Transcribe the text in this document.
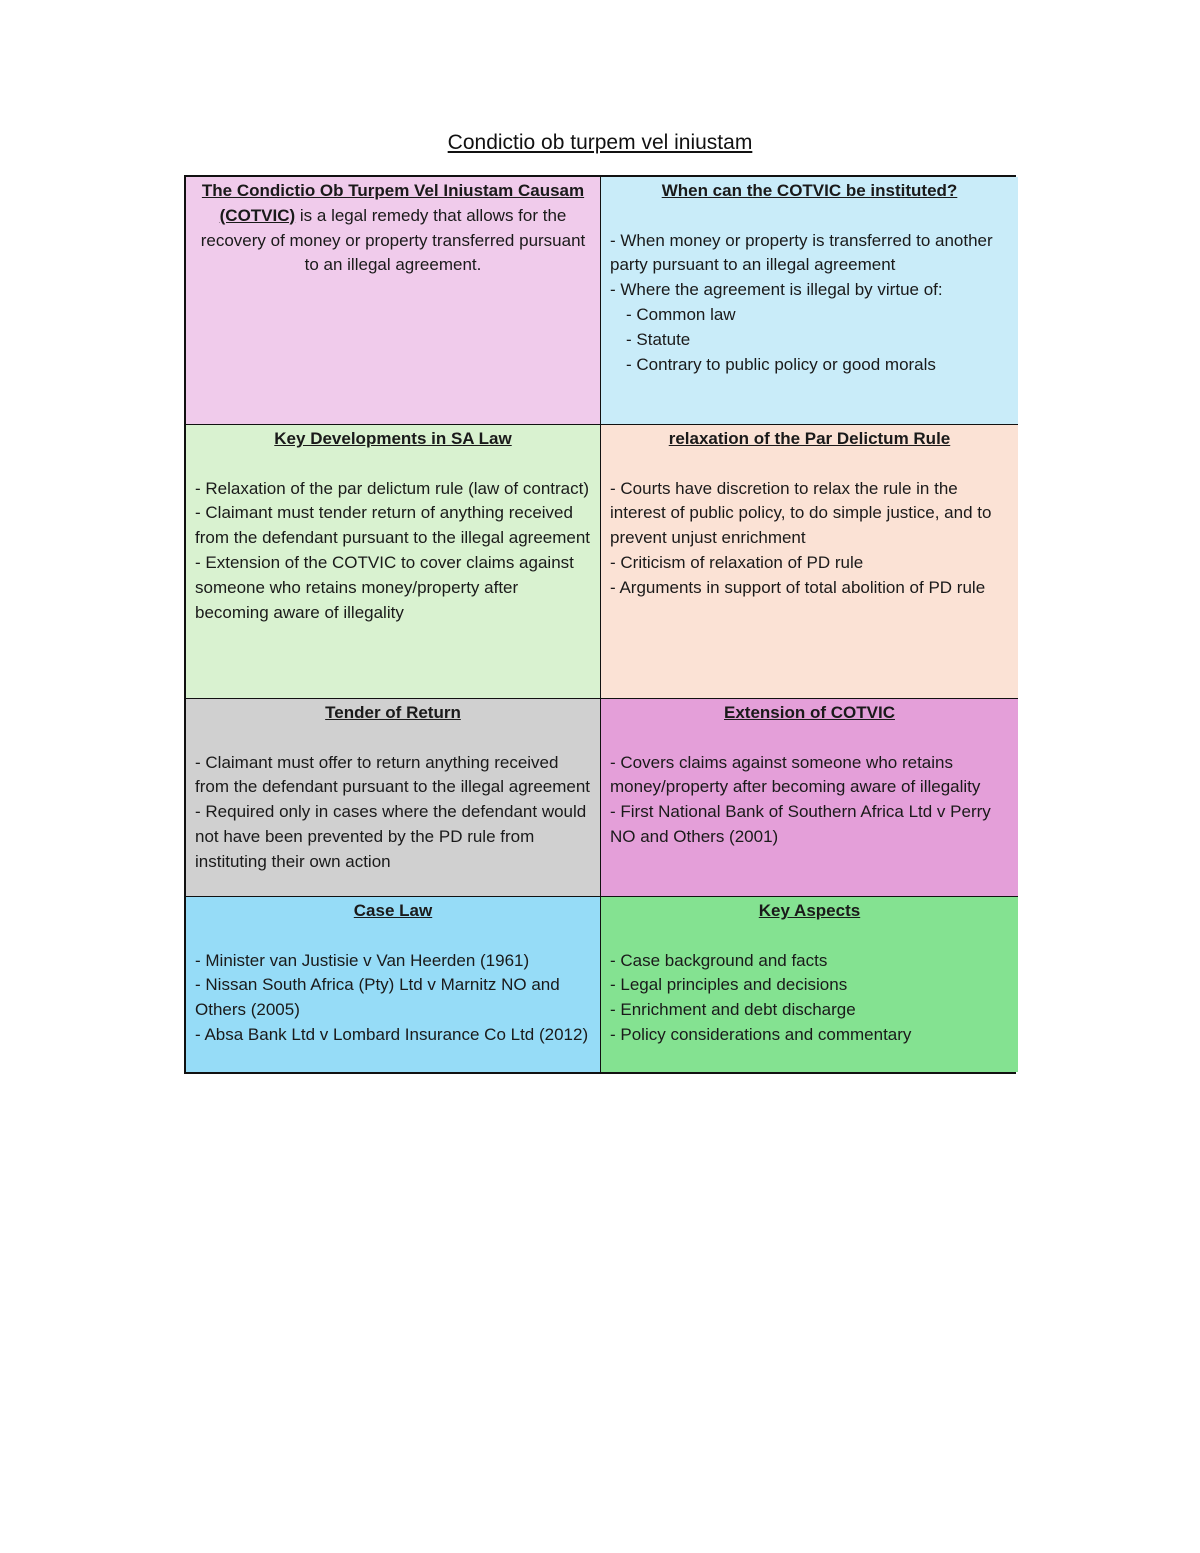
Condictio ob turpem vel iniustam
The Condictio Ob Turpem Vel Iniustam Causam (COTVIC) is a legal remedy that allows for the recovery of money or property transferred pursuant to an illegal agreement.
When can the COTVIC be instituted?
- When money or property is transferred to another party pursuant to an illegal agreement
- Where the agreement is illegal by virtue of:
- Common law
- Statute
- Contrary to public policy or good morals
Key Developments in SA Law
- Relaxation of the par delictum rule (law of contract)
- Claimant must tender return of anything received from the defendant pursuant to the illegal agreement
- Extension of the COTVIC to cover claims against someone who retains money/property after becoming aware of illegality
relaxation of the Par Delictum Rule
- Courts have discretion to relax the rule in the interest of public policy, to do simple justice, and to prevent unjust enrichment
- Criticism of relaxation of PD rule
- Arguments in support of total abolition of PD rule
Tender of Return
- Claimant must offer to return anything received from the defendant pursuant to the illegal agreement
- Required only in cases where the defendant would not have been prevented by the PD rule from instituting their own action
Extension of COTVIC
- Covers claims against someone who retains money/property after becoming aware of illegality
- First National Bank of Southern Africa Ltd v Perry NO and Others (2001)
Case Law
- Minister van Justisie v Van Heerden (1961)
- Nissan South Africa (Pty) Ltd v Marnitz NO and Others (2005)
- Absa Bank Ltd v Lombard Insurance Co Ltd (2012)
Key Aspects
- Case background and facts
- Legal principles and decisions
- Enrichment and debt discharge
- Policy considerations and commentary
